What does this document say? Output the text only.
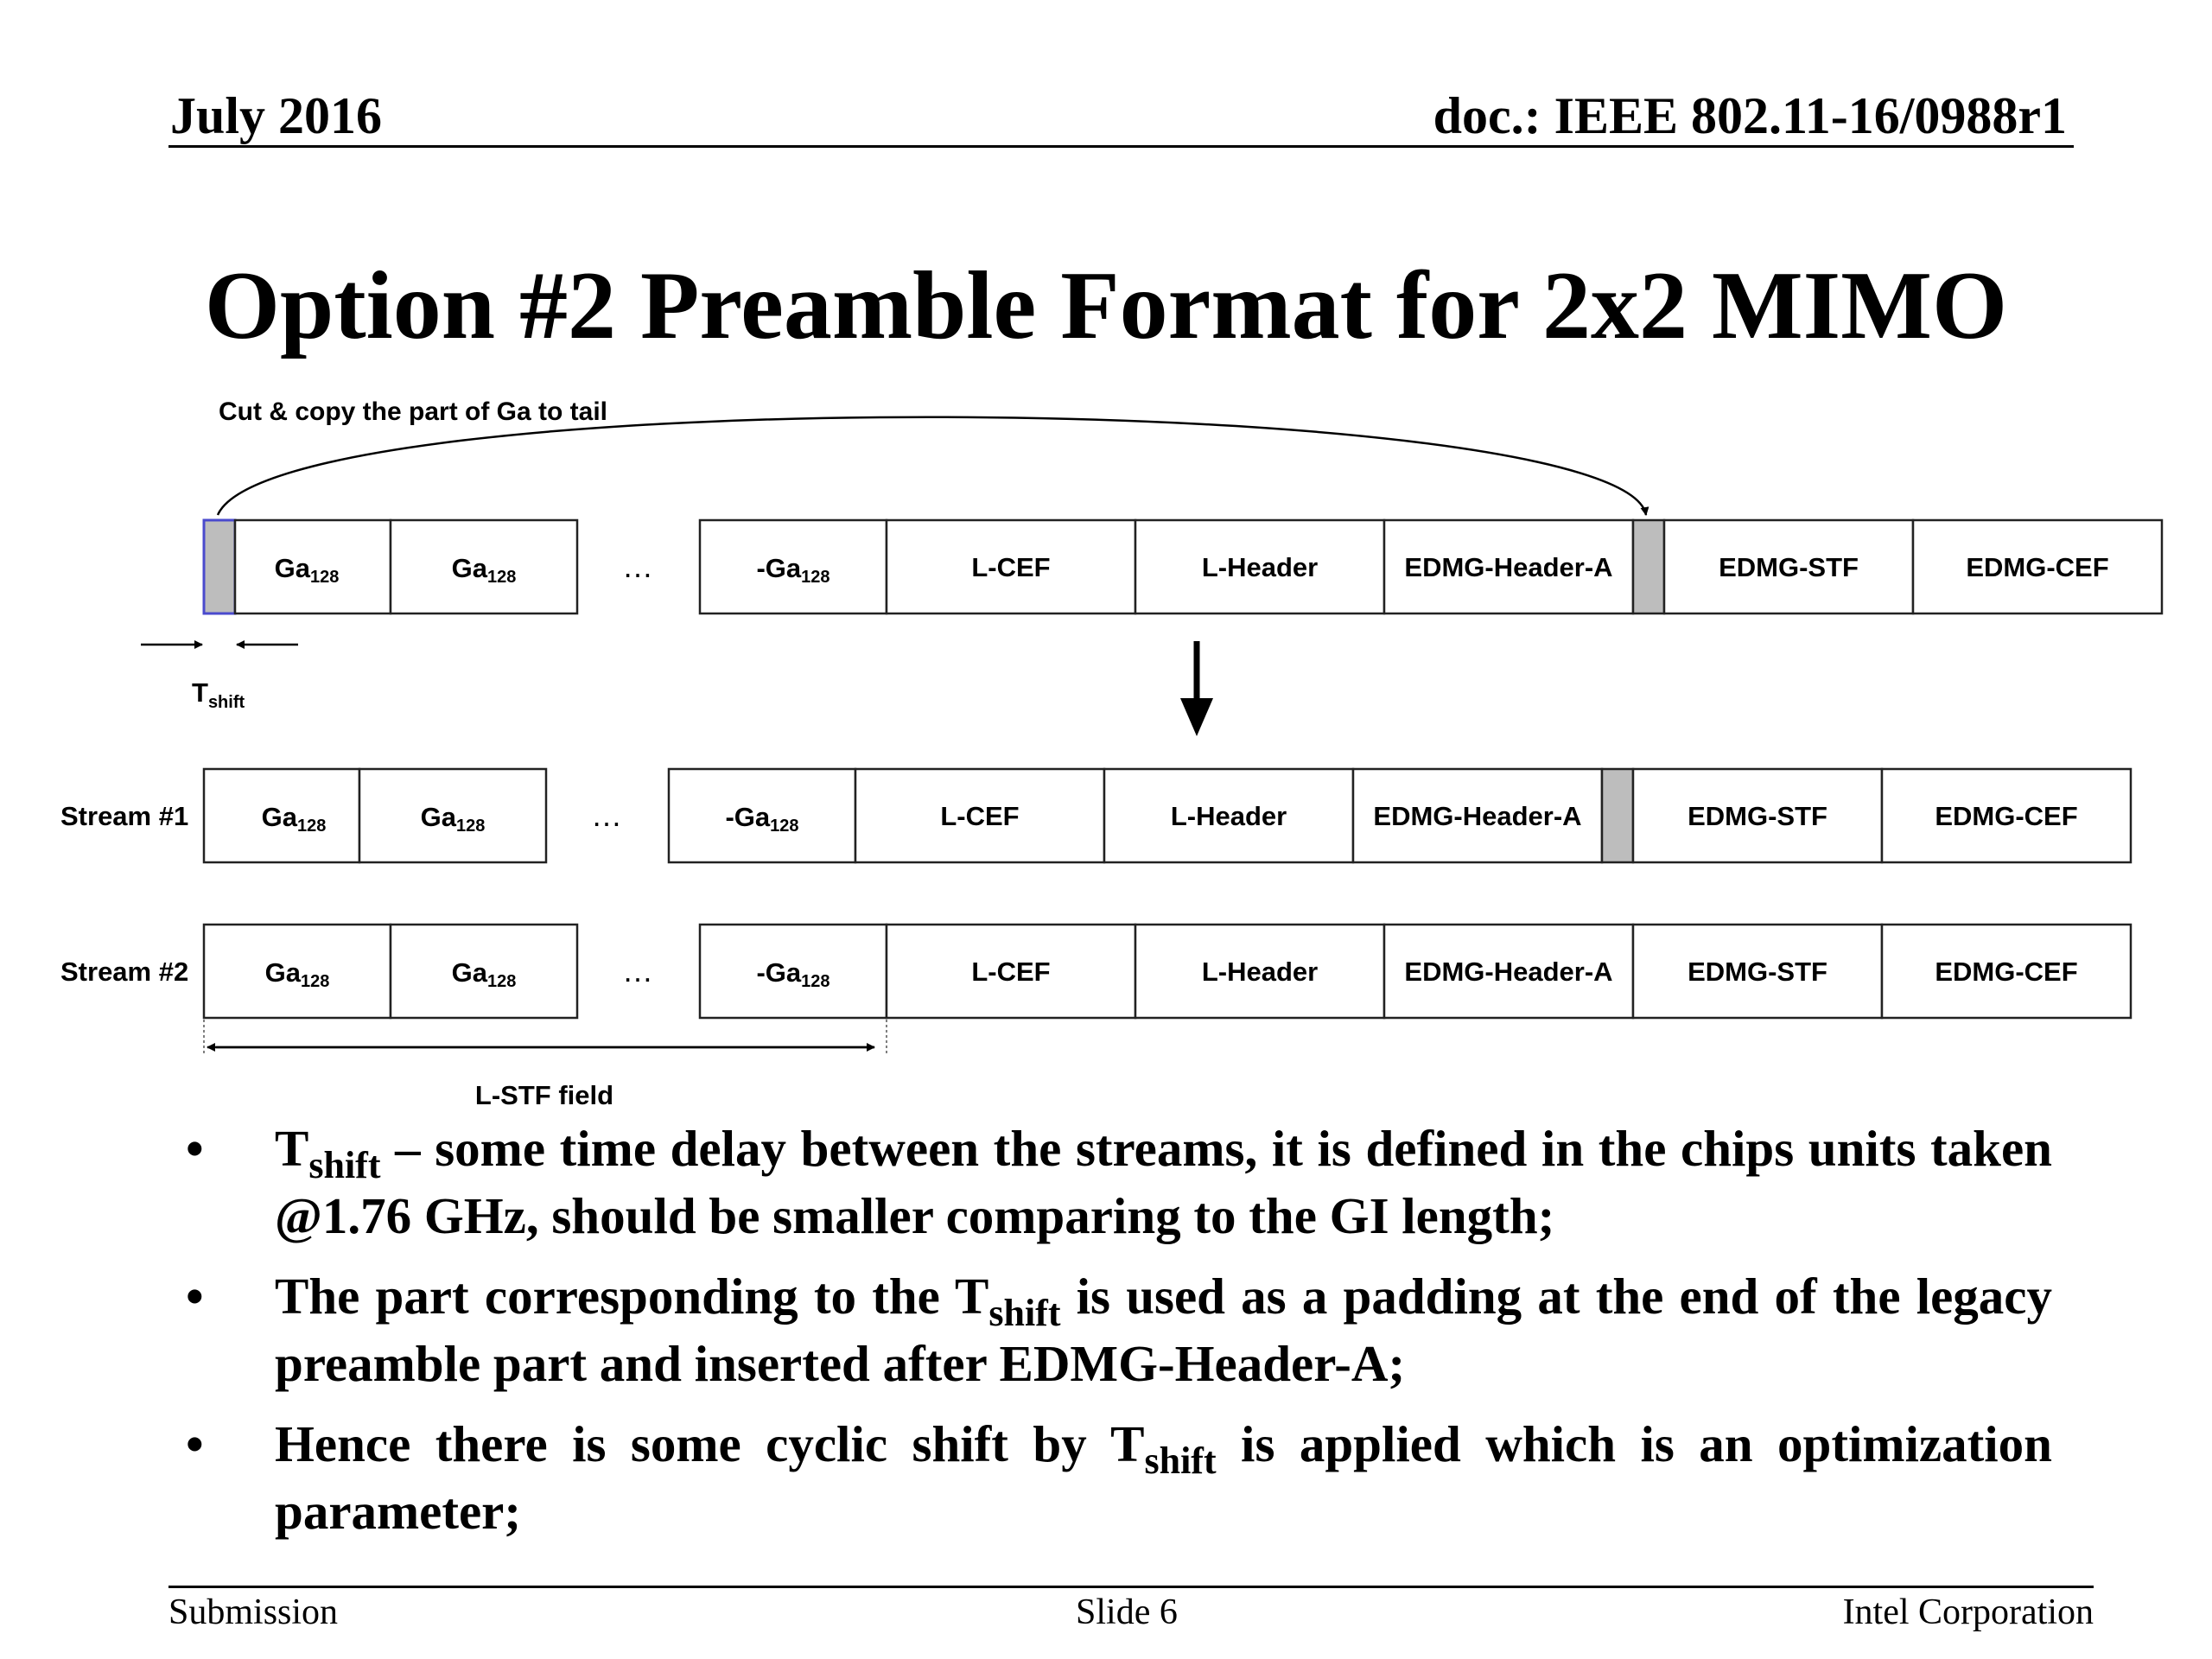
July 2016	doc.: IEEE 802.11-16/0988r1
Option #2 Preamble Format for 2x2 MIMO
Cut & copy the part of Ga to tail
Ga128	Ga128	…	-Ga128	L-CEF	L-Header	EDMG-Header-A	EDMG-STF	EDMG-CEF
$T_{shift}$
Stream #1	Ga128	Ga128	…	-Ga128	L-CEF	L-Header	EDMG-Header-A	EDMG-STF	EDMG-CEF
Stream #2	Ga128	Ga128	…	-Ga128	L-CEF	L-Header	EDMG-Header-A	EDMG-STF	EDMG-CEF
L-STF field
• $T_{shift}$ – some time delay between the streams, it is defined in the chips units taken @1.76 GHz, should be smaller comparing to the GI length;
• The part corresponding to the $T_{shift}$ is used as a padding at the end of the legacy preamble part and inserted after EDMG-Header-A;
• Hence there is some cyclic shift by $T_{shift}$ is applied which is an optimization parameter;
Submission	Slide 6	Intel Corporation
